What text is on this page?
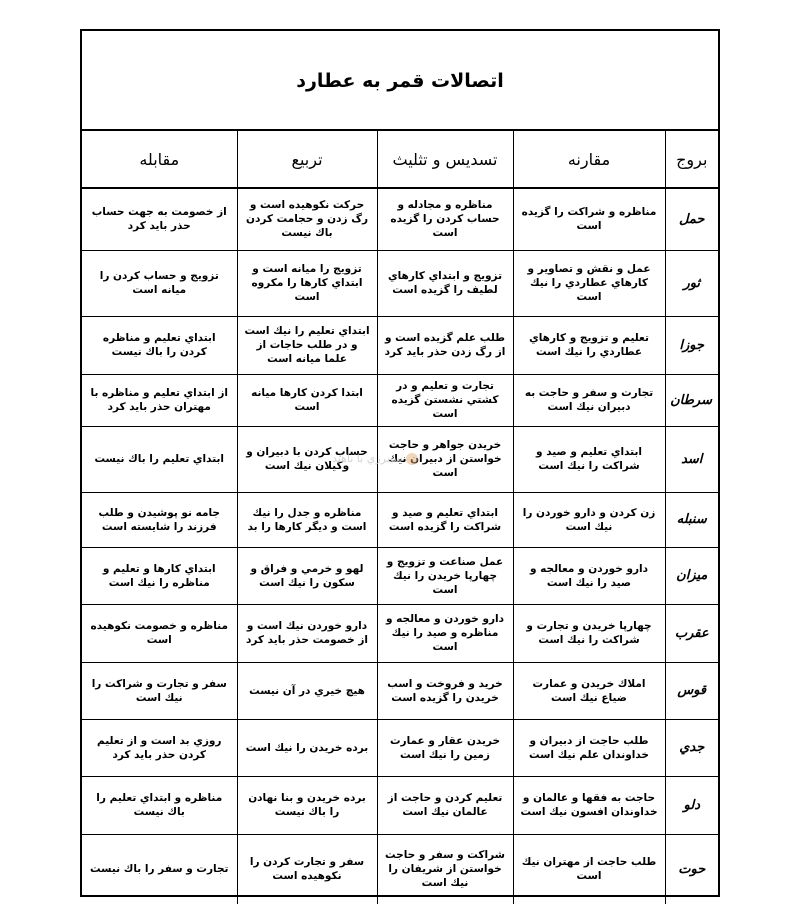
اتصالات قمر به عطارد
بروج	مقارنه	تسديس و تثليث	تربيع	مقابله
حمل	مناظره و شراكت را گزيده است	مناظره و مجادله و حساب كردن را گزيده است	حركت نكوهيده است و رگ زدن و حجامت كردن باك نيست	از خصومت به جهت حساب حذر بايد كرد
ثور	عمل و نقش و تصاوير و كارهاي عطاردي را نيك است	تزويج و ابتداي كارهاي لطيف را گزيده است	تزويج را ميانه است و ابتداي كارها را مكروه است	تزويج و حساب كردن را ميانه است
جوزا	تعليم و تزويج و كارهاي عطاردي را نيك است	طلب علم گزيده است و از رگ زدن حذر بايد كرد	ابتداي تعليم را نيك است و در طلب حاجات از علما ميانه است	ابتداي تعليم و مناظره كردن را باك نيست
سرطان	تجارت و سفر و حاجت به دبيران نيك است	تجارت و تعليم و در كشتي نشستن گزيده است	ابتدا كردن كارها ميانه است	از ابتداي تعليم و مناظره با مهتران حذر بايد كرد
اسد	ابتداي تعليم و صيد و شراكت را نيك است	خريدن جواهر و حاجت خواستن از دبيران نيك است	حساب كردن با دبيران و وكيلان نيك است	ابتداي تعليم را باك نيست
سنبله	زن كردن و دارو خوردن را نيك است	ابتداي تعليم و صيد و شراكت را گزيده است	مناظره و جدل را نيك است و ديگر كارها را بد	جامه نو پوشيدن و طلب فرزند را شايسته است
ميزان	دارو خوردن و معالجه و صيد را نيك است	عمل صناعت و تزويج و چهارپا خريدن را نيك است	لهو و خرمي و فراق و سكون را نيك است	ابتداي كارها و تعليم و مناظره را نيك است
عقرب	چهارپا خريدن و تجارت و شراكت را نيك است	دارو خوردن و معالجه و مناظره و صيد را نيك است	دارو خوردن نيك است و از خصومت حذر بايد كرد	مناظره و خصومت نكوهيده است
قوس	املاك خريدن و عمارت ضياع نيك است	خريد و فروخت و اسب خريدن را گزيده است	هيچ خيري در آن نيست	سفر و تجارت و شراكت را نيك است
جدي	طلب حاجت از دبيران و خداوندان علم نيك است	خريدن عقار و عمارت زمين را نيك است	برده خريدن را نيك است	روزي بد است و از تعليم كردن حذر بايد كرد
دلو	حاجت به فقها و عالمان و خداوندان افسون نيك است	تعليم كردن و حاجت از عالمان نيك است	برده خريدن و بنا نهادن را باك نيست	مناظره و ابتداي تعليم را باك نيست
حوت	طلب حاجت از مهتران نيك است	شراكت و سفر و حاجت خواستن از شريفان را نيك است	سفر و تجارت كردن را نكوهيده است	تجارت و سفر را باك نيست
سيبرزي با ناهيد
